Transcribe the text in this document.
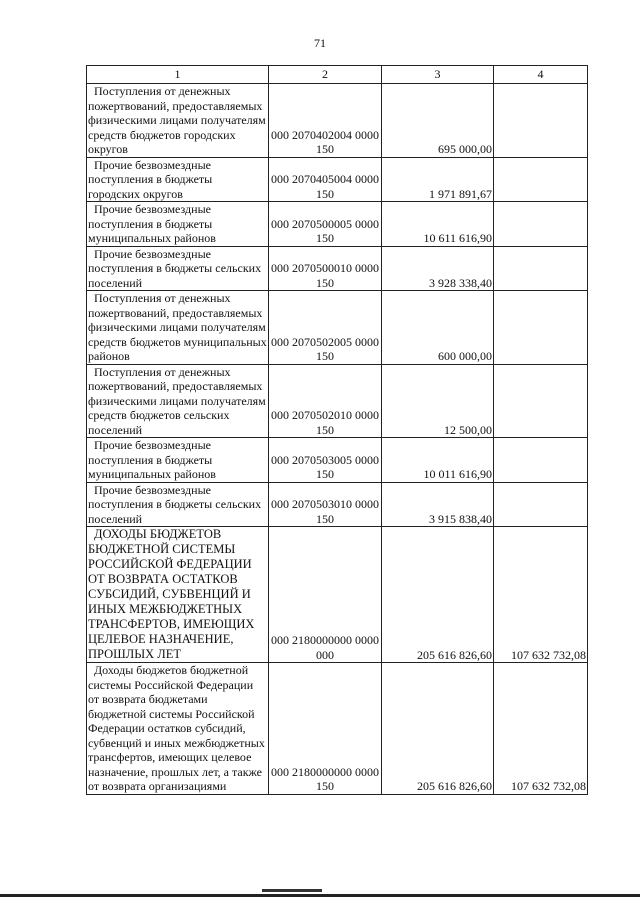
71
1	2	3	4

Поступления от денежных пожертвований, предоставляемых физическими лицами получателям средств бюджетов городских округов	000 2070402004 0000 150	695 000,00	

Прочие безвозмездные поступления в бюджеты городских округов	000 2070405004 0000 150	1 971 891,67	

Прочие безвозмездные поступления в бюджеты муниципальных районов	000 2070500005 0000 150	10 611 616,90	

Прочие безвозмездные поступления в бюджеты сельских поселений	000 2070500010 0000 150	3 928 338,40	

Поступления от денежных пожертвований, предоставляемых физическими лицами получателям средств бюджетов муниципальных районов	000 2070502005 0000 150	600 000,00	

Поступления от денежных пожертвований, предоставляемых физическими лицами получателям средств бюджетов сельских поселений	000 2070502010 0000 150	12 500,00	

Прочие безвозмездные поступления в бюджеты муниципальных районов	000 2070503005 0000 150	10 011 616,90	

Прочие безвозмездные поступления в бюджеты сельских поселений	000 2070503010 0000 150	3 915 838,40	

ДОХОДЫ БЮДЖЕТОВ БЮДЖЕТНОЙ СИСТЕМЫ РОССИЙСКОЙ ФЕДЕРАЦИИ ОТ ВОЗВРАТА ОСТАТКОВ СУБСИДИЙ, СУБВЕНЦИЙ И ИНЫХ МЕЖБЮДЖЕТНЫХ ТРАНСФЕРТОВ, ИМЕЮЩИХ ЦЕЛЕВОЕ НАЗНАЧЕНИЕ, ПРОШЛЫХ ЛЕТ	000 2180000000 0000 000	205 616 826,60	107 632 732,08

Доходы бюджетов бюджетной системы Российской Федерации от возврата бюджетами бюджетной системы Российской Федерации остатков субсидий, субвенций и иных межбюджетных трансфертов, имеющих целевое назначение, прошлых лет, а также от возврата организациями	000 2180000000 0000 150	205 616 826,60	107 632 732,08
